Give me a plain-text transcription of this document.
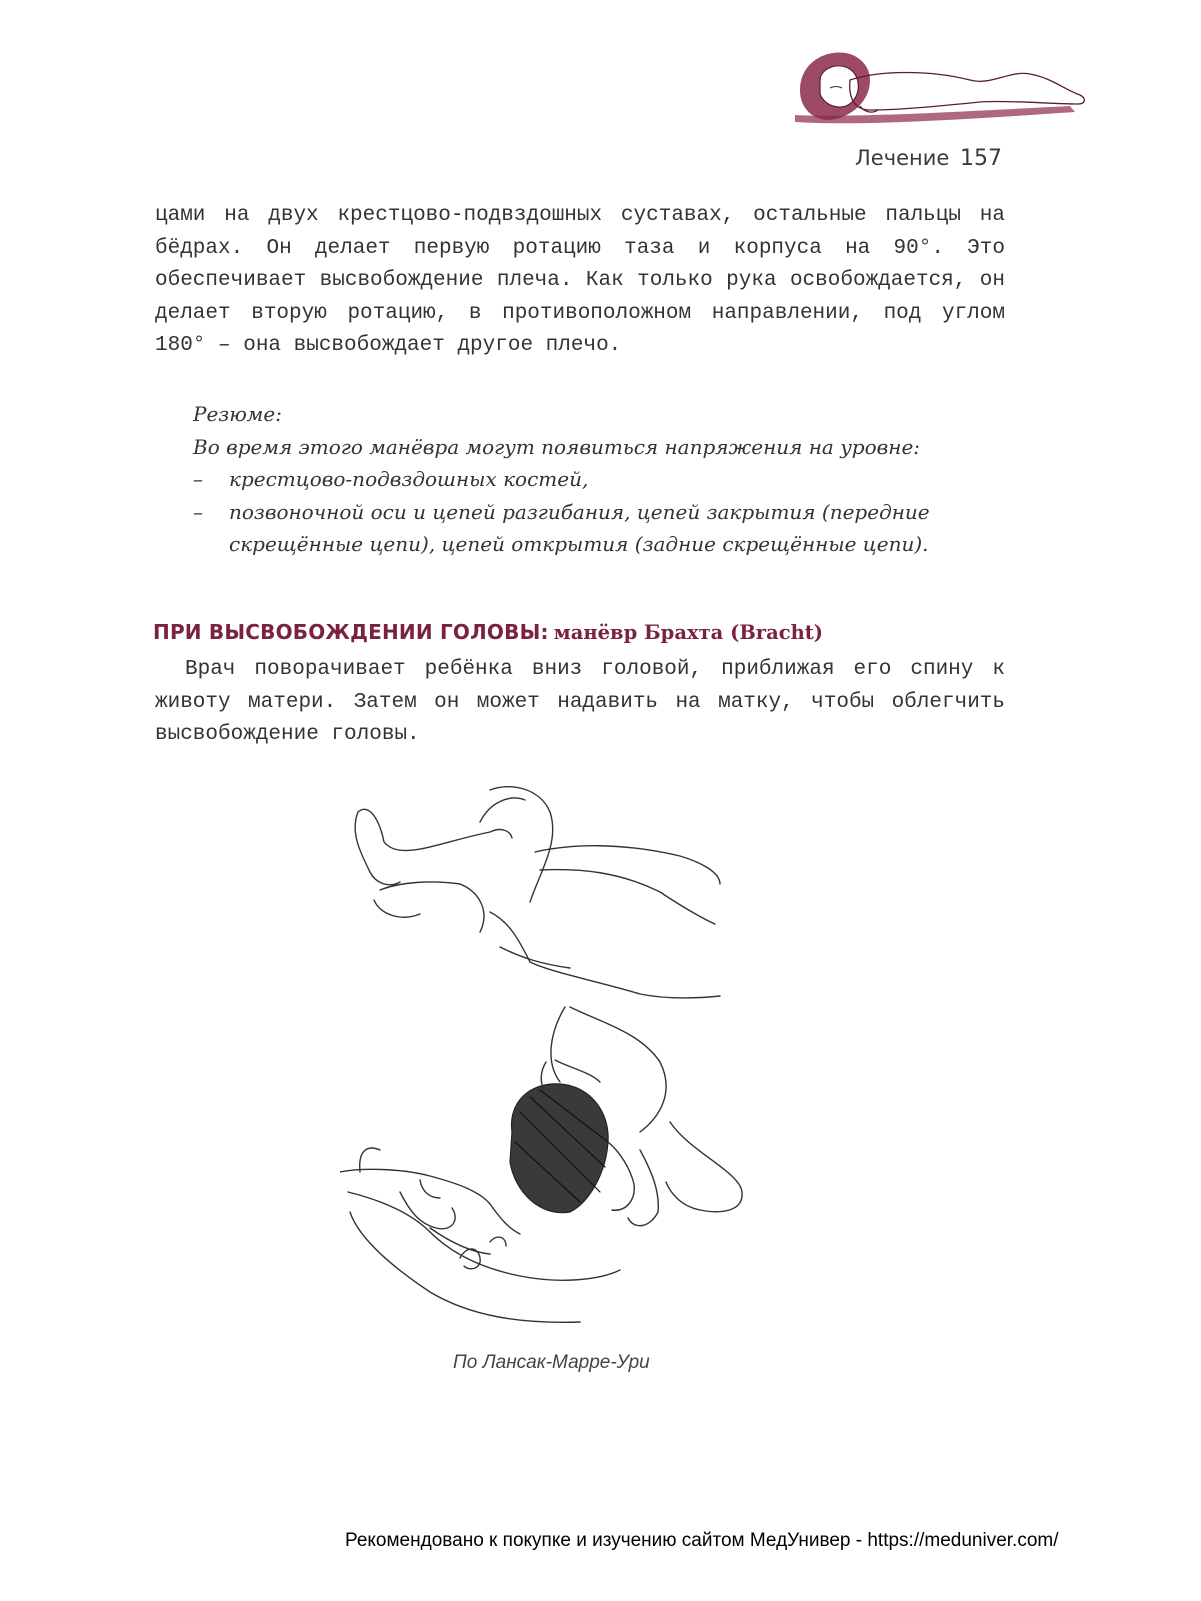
Лечение 157

цами на двух крестцово-подвздошных суставах, остальные пальцы на бёдрах. Он делает первую ротацию таза и корпуса на 90°. Это обеспечивает высвобождение плеча. Как только рука освобождается, он делает вторую ротацию, в противоположном направлении, под углом 180° – она высвобождает другое плечо.

Резюме:
Во время этого манёвра могут появиться напряжения на уровне:
– крестцово-подвздошных костей,
– позвоночной оси и цепей разгибания, цепей закрытия (передние
скрещённые цепи), цепей открытия (задние скрещённые цепи).
ПРИ ВЫСВОБОЖДЕНИИ ГОЛОВЫ: манёвр Брахта (Bracht)

Врач поворачивает ребёнка вниз головой, приближая его спину к животу матери. Затем он может надавить на матку, чтобы облегчить высвобождение головы.

По Лансак-Марре-Ури
Рекомендовано к покупке и изучению сайтом МедУнивер - https://meduniver.com/
